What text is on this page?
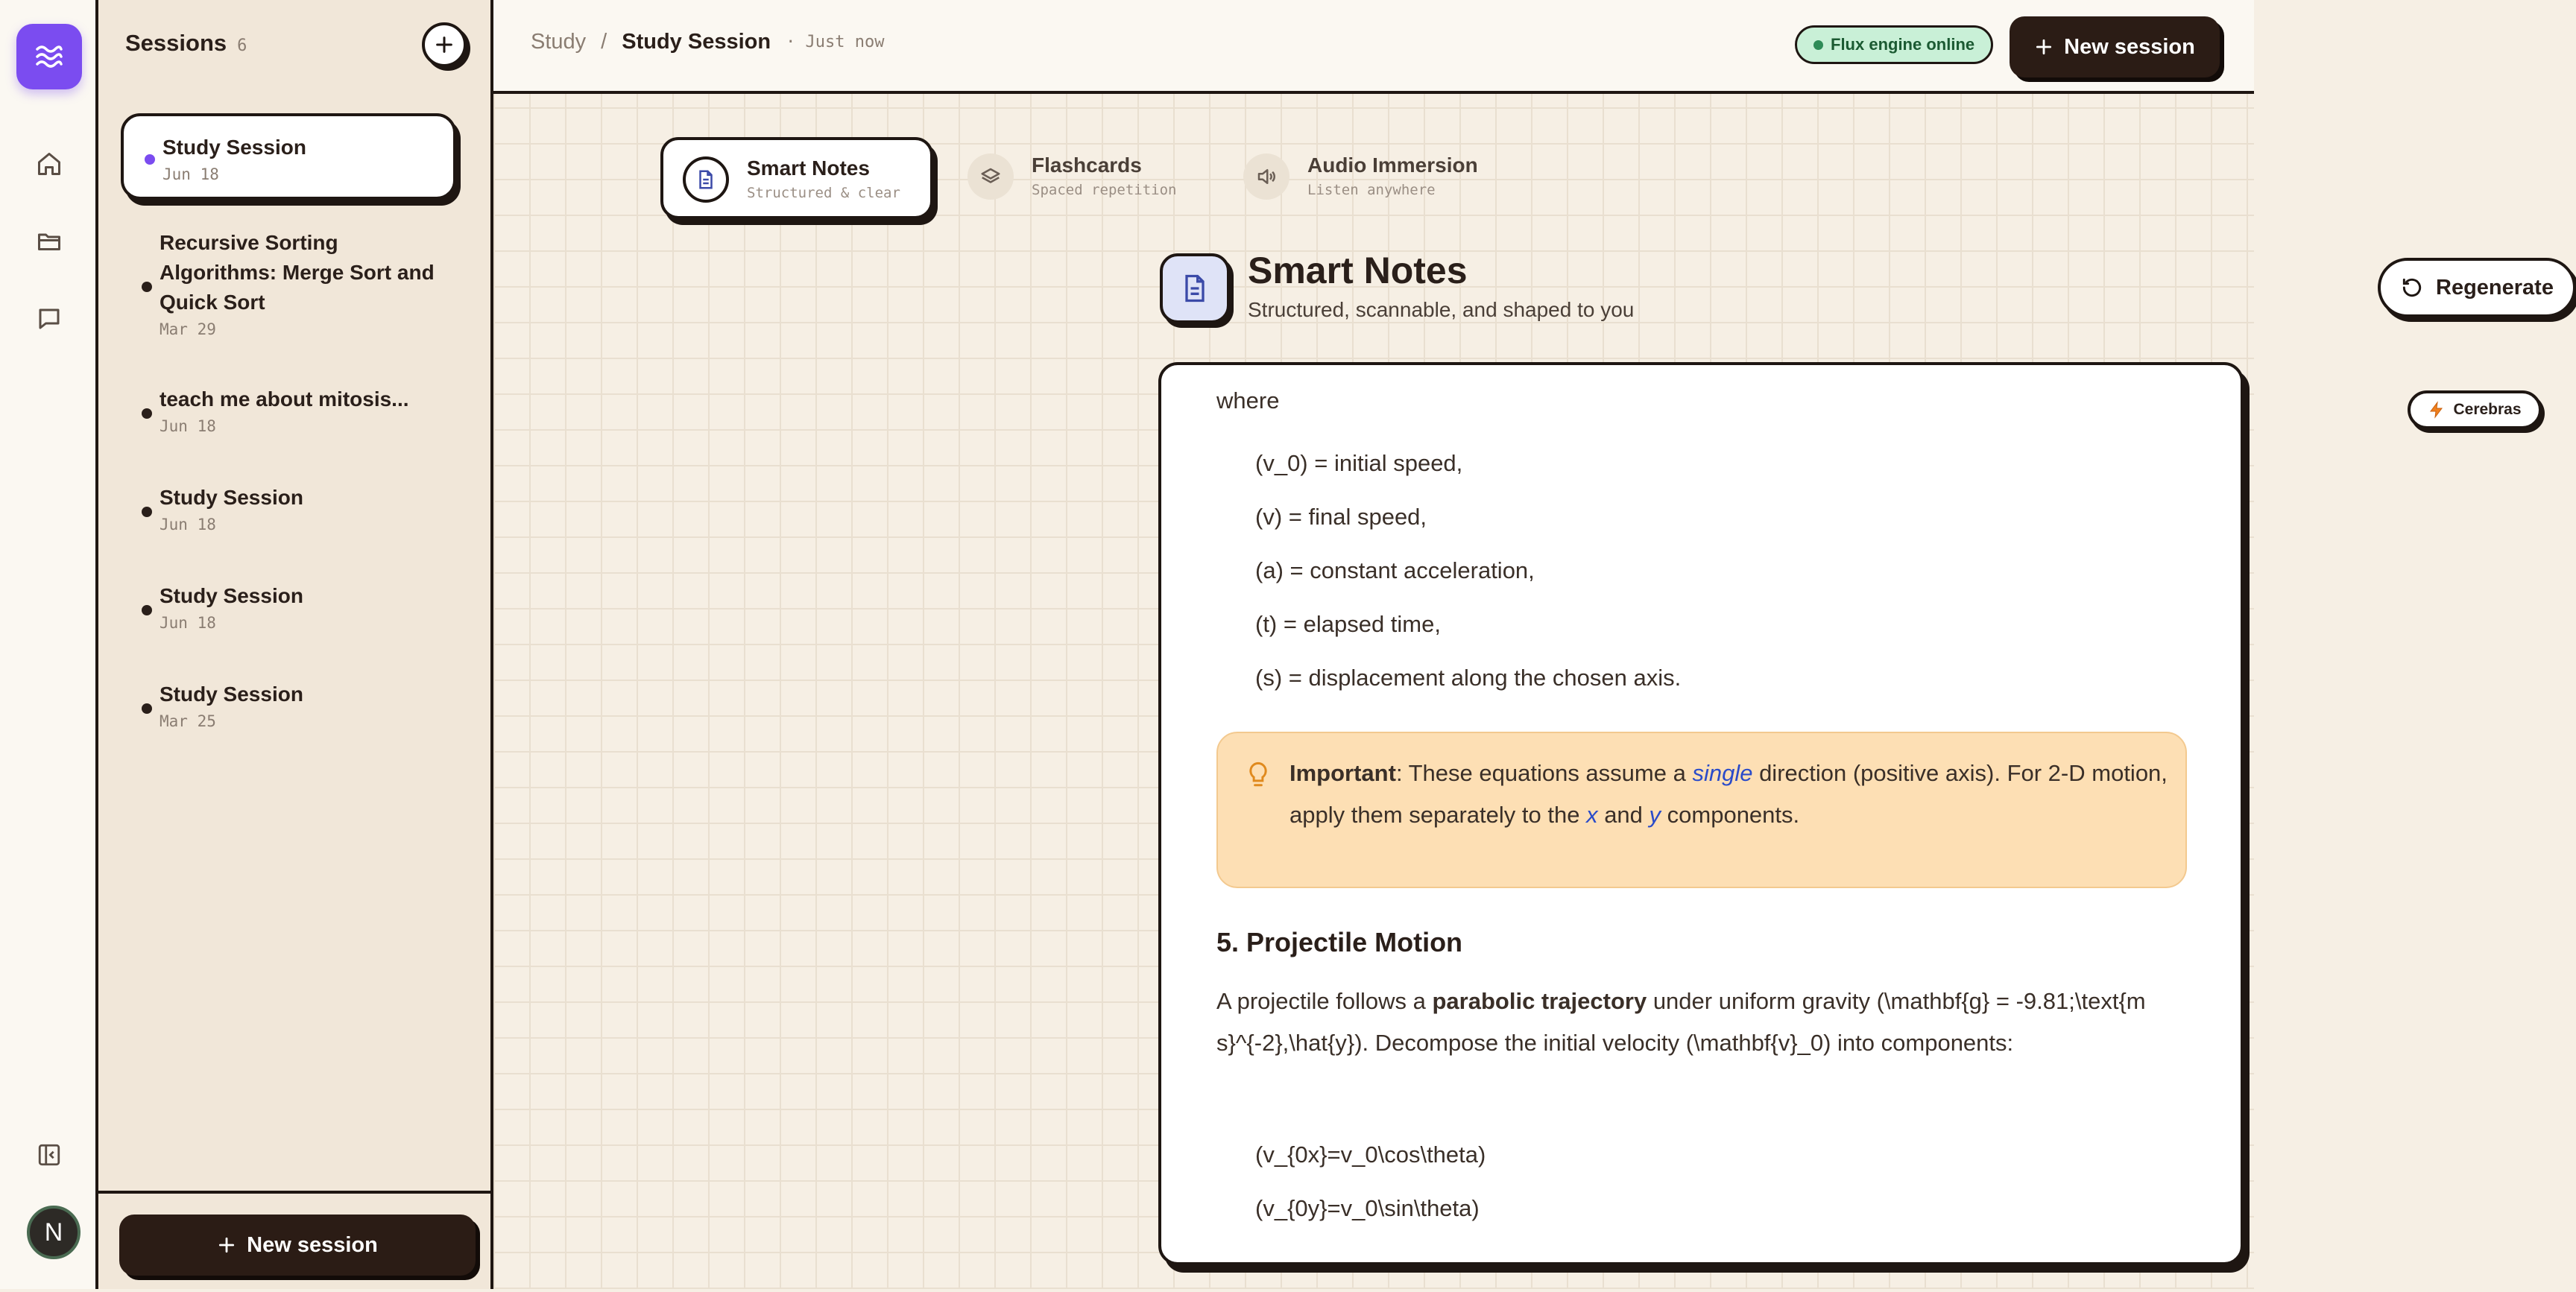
N
Sessions 6
Study Session
Jun 18
Recursive Sorting Algorithms: Merge Sort and Quick Sort
Mar 29
teach me about mitosis...
Jun 18
Study Session
Jun 18
Study Session
Jun 18
Study Session
Mar 25
New session
Study / Study Session · Just now	Flux engine online	New session
Smart Notes
Structured & clear
Flashcards
Spaced repetition
Audio Immersion
Listen anywhere
Smart Notes
Structured, scannable, and shaped to you
Regenerate
Cerebras
where
(v_0) = initial speed,
(v) = final speed,
(a) = constant acceleration,
(t) = elapsed time,
(s) = displacement along the chosen axis.
Important: These equations assume a single direction (positive axis). For 2-D motion, apply them separately to the x and y components.
5. Projectile Motion
A projectile follows a parabolic trajectory under uniform gravity (\mathbf{g} = -9.81;\text{m s}^{-2},\hat{y}). Decompose the initial velocity (\mathbf{v}_0) into components:
(v_{0x}=v_0\cos\theta)
(v_{0y}=v_0\sin\theta)
